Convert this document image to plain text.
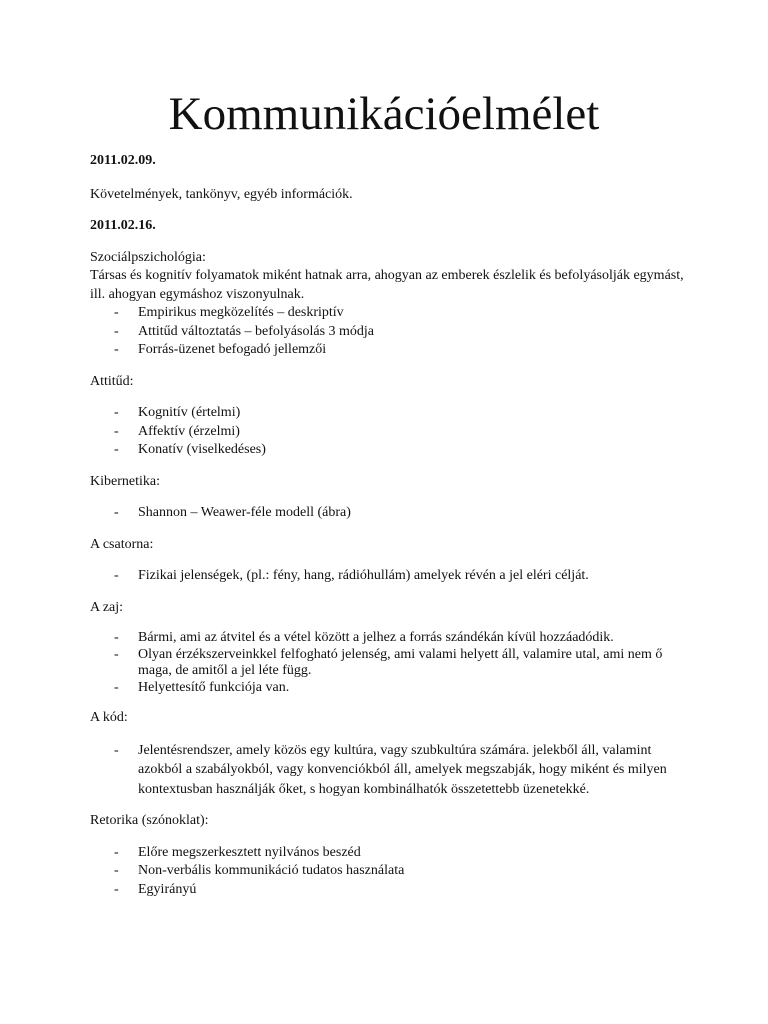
Kommunikációelmélet

2011.02.09.

Követelmények, tankönyv, egyéb információk.

2011.02.16.

Szociálpszichológia:

Társas és kognitív folyamatok miként hatnak arra, ahogyan az emberek észlelik és befolyásolják egymást, ill. ahogyan egymáshoz viszonyulnak.

- Empirikus megközelítés – deskriptív
- Attitűd változtatás – befolyásolás 3 módja
- Forrás-üzenet befogadó jellemzői

Attitűd:

- Kognitív (értelmi)
- Affektív (érzelmi)
- Konatív (viselkedéses)

Kibernetika:

- Shannon – Weawer-féle modell (ábra)

A csatorna:

- Fizikai jelenségek, (pl.: fény, hang, rádióhullám) amelyek révén a jel eléri célját.

A zaj:

- Bármi, ami az átvitel és a vétel között a jelhez a forrás szándékán kívül hozzáadódik.
- Olyan érzékszerveinkkel felfogható jelenség, ami valami helyett áll, valamire utal, ami nem ő maga, de amitől a jel léte függ.
- Helyettesítő funkciója van.

A kód:

- Jelentésrendszer, amely közös egy kultúra, vagy szubkultúra számára. jelekből áll, valamint azokból a szabályokból, vagy konvenciókból áll, amelyek megszabják, hogy miként és milyen kontextusban használják őket, s hogyan kombinálhatók összetettebb üzenetekké.

Retorika (szónoklat):

- Előre megszerkesztett nyilvános beszéd
- Non-verbális kommunikáció tudatos használata
- Egyirányú
